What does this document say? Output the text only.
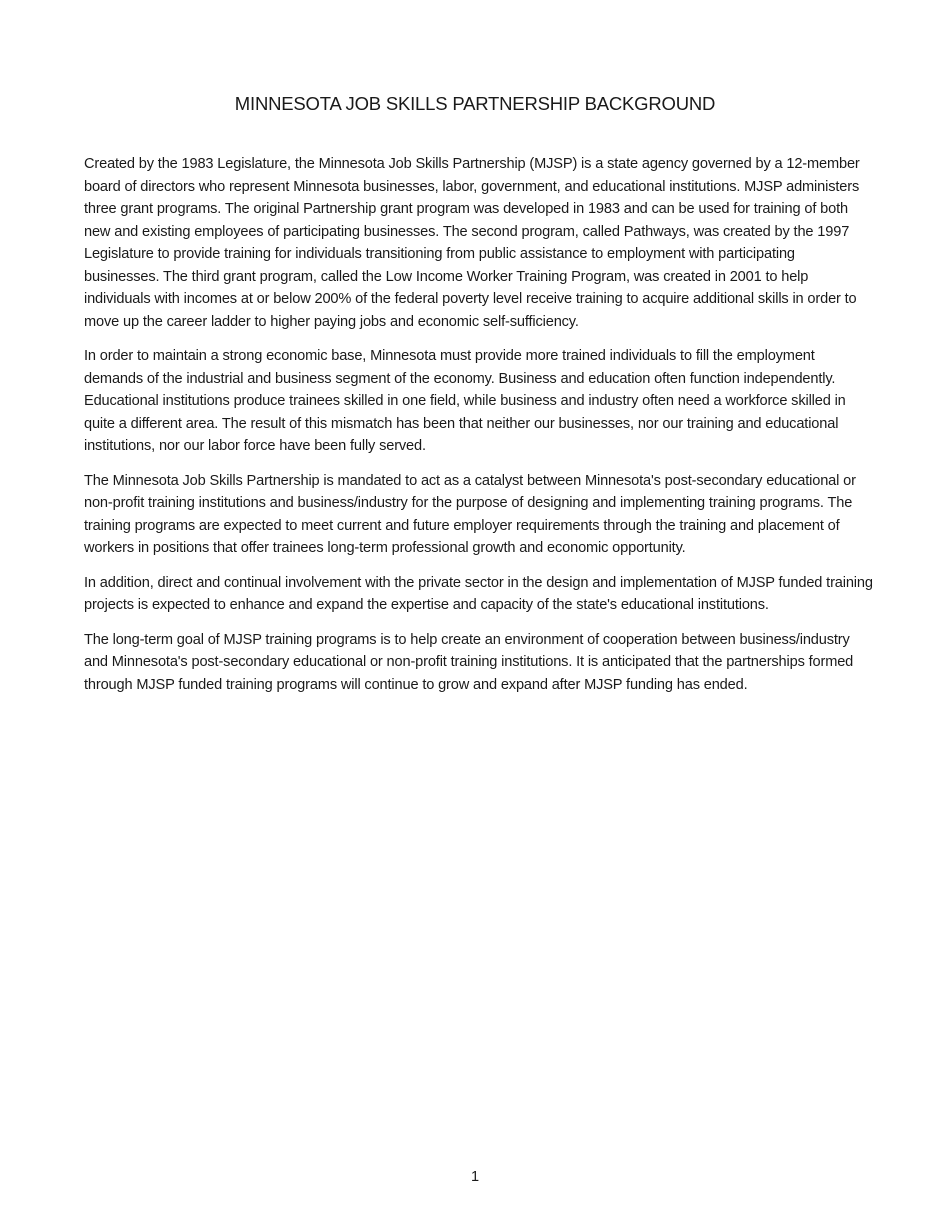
MINNESOTA JOB SKILLS PARTNERSHIP BACKGROUND

Created by the 1983 Legislature, the Minnesota Job Skills Partnership (MJSP) is a state agency governed by a 12-member board of directors who represent Minnesota businesses, labor, government, and educational institutions. MJSP administers three grant programs. The original Partnership grant program was developed in 1983 and can be used for training of both new and existing employees of participating businesses. The second program, called Pathways, was created by the 1997 Legislature to provide training for individuals transitioning from public assistance to employment with participating businesses. The third grant program, called the Low Income Worker Training Program, was created in 2001 to help individuals with incomes at or below 200% of the federal poverty level receive training to acquire additional skills in order to move up the career ladder to higher paying jobs and economic self-sufficiency.

In order to maintain a strong economic base, Minnesota must provide more trained individuals to fill the employment demands of the industrial and business segment of the economy. Business and education often function independently. Educational institutions produce trainees skilled in one field, while business and industry often need a workforce skilled in quite a different area. The result of this mismatch has been that neither our businesses, nor our training and educational institutions, nor our labor force have been fully served.

The Minnesota Job Skills Partnership is mandated to act as a catalyst between Minnesota's post-secondary educational or non-profit training institutions and business/industry for the purpose of designing and implementing training programs. The training programs are expected to meet current and future employer requirements through the training and placement of workers in positions that offer trainees long-term professional growth and economic opportunity.

In addition, direct and continual involvement with the private sector in the design and implementation of MJSP funded training projects is expected to enhance and expand the expertise and capacity of the state's educational institutions.

The long-term goal of MJSP training programs is to help create an environment of cooperation between business/industry and Minnesota's post-secondary educational or non-profit training institutions. It is anticipated that the partnerships formed through MJSP funded training programs will continue to grow and expand after MJSP funding has ended.

1
